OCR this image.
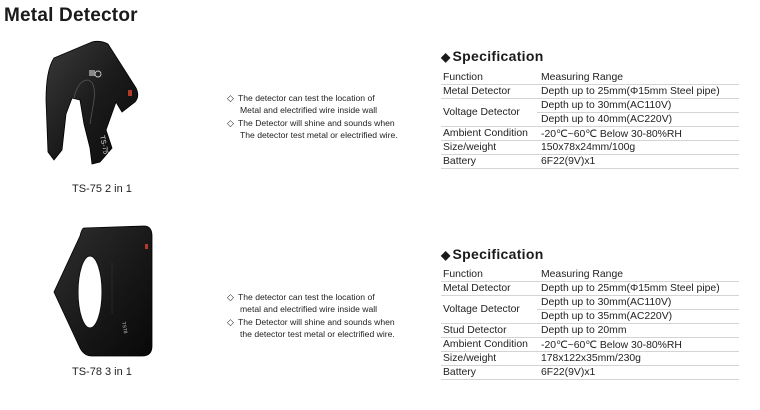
Metal Detector
TS-75
TS-75 2 in 1
◇ The detector can test the location of
Metal and electrified wire inside wall
◇ The Detector will shine and sounds when
The detector test metal or electrified wire.
◆ Specification
Function	Measuring Range
Metal Detector	Depth up to 25mm(Φ15mm Steel pipe)
Voltage Detector	Depth up to 30mm(AC110V)
	Depth up to 40mm(AC220V)
Ambient Condition	-20℃~60℃ Below 30-80%RH
Size/weight	150x78x24mm/100g
Battery	6F22(9V)x1
TS78
TS-78 3 in 1
◇ The detector can test the location of
metal and electrified wire inside wall
◇ The Detector will shine and sounds when
the detector test metal or electrified wire.
◆ Specification
Function	Measuring Range
Metal Detector	Depth up to 25mm(Φ15mm Steel pipe)
Voltage Detector	Depth up to 30mm(AC110V)
	Depth up to 35mm(AC220V)
Stud Detector	Depth up to 20mm
Ambient Condition	-20℃~60℃ Below 30-80%RH
Size/weight	178x122x35mm/230g
Battery	6F22(9V)x1
